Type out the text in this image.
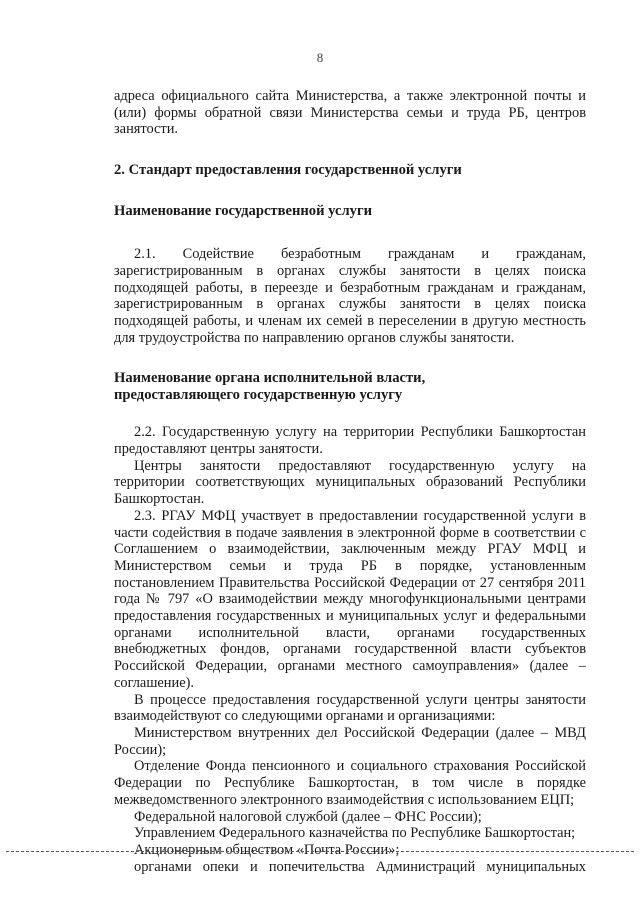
8

адреса официального сайта Министерства, а также электронной почты и (или) формы обратной связи Министерства семьи и труда РБ, центров занятости.

2. Стандарт предоставления государственной услуги

Наименование государственной услуги

2.1. Содействие безработным гражданам и гражданам, зарегистрированным в органах службы занятости в целях поиска подходящей работы, в переезде и безработным гражданам и гражданам, зарегистрированным в органах службы занятости в целях поиска подходящей работы, и членам их семей в переселении в другую местность для трудоустройства по направлению органов службы занятости.

Наименование органа исполнительной власти,

предоставляющего государственную услугу

2.2. Государственную услугу на территории Республики Башкортостан предоставляют центры занятости.

Центры занятости предоставляют государственную услугу на территории соответствующих муниципальных образований Республики Башкортостан.

2.3. РГАУ МФЦ участвует в предоставлении государственной услуги в части содействия в подаче заявления в электронной форме в соответствии с Соглашением о взаимодействии, заключенным между РГАУ МФЦ и Министерством семьи и труда РБ в порядке, установленным постановлением Правительства Российской Федерации от 27 сентября 2011 года № 797 «О взаимодействии между многофункциональными центрами предоставления государственных и муниципальных услуг и федеральными органами исполнительной власти, органами государственных внебюджетных фондов, органами государственной власти субъектов Российской Федерации, органами местного самоуправления» (далее – соглашение).

В процессе предоставления государственной услуги центры занятости взаимодействуют со следующими органами и организациями:

Министерством внутренних дел Российской Федерации (далее – МВД России);

Отделение Фонда пенсионного и социального страхования Российской Федерации по Республике Башкортостан, в том числе в порядке межведомственного электронного взаимодействия с использованием ЕЦП;

Федеральной налоговой службой (далее – ФНС России);

Управлением Федерального казначейства по Республике Башкортостан;

Акционерным обществом «Почта России»;

органами опеки и попечительства Администраций муниципальных
